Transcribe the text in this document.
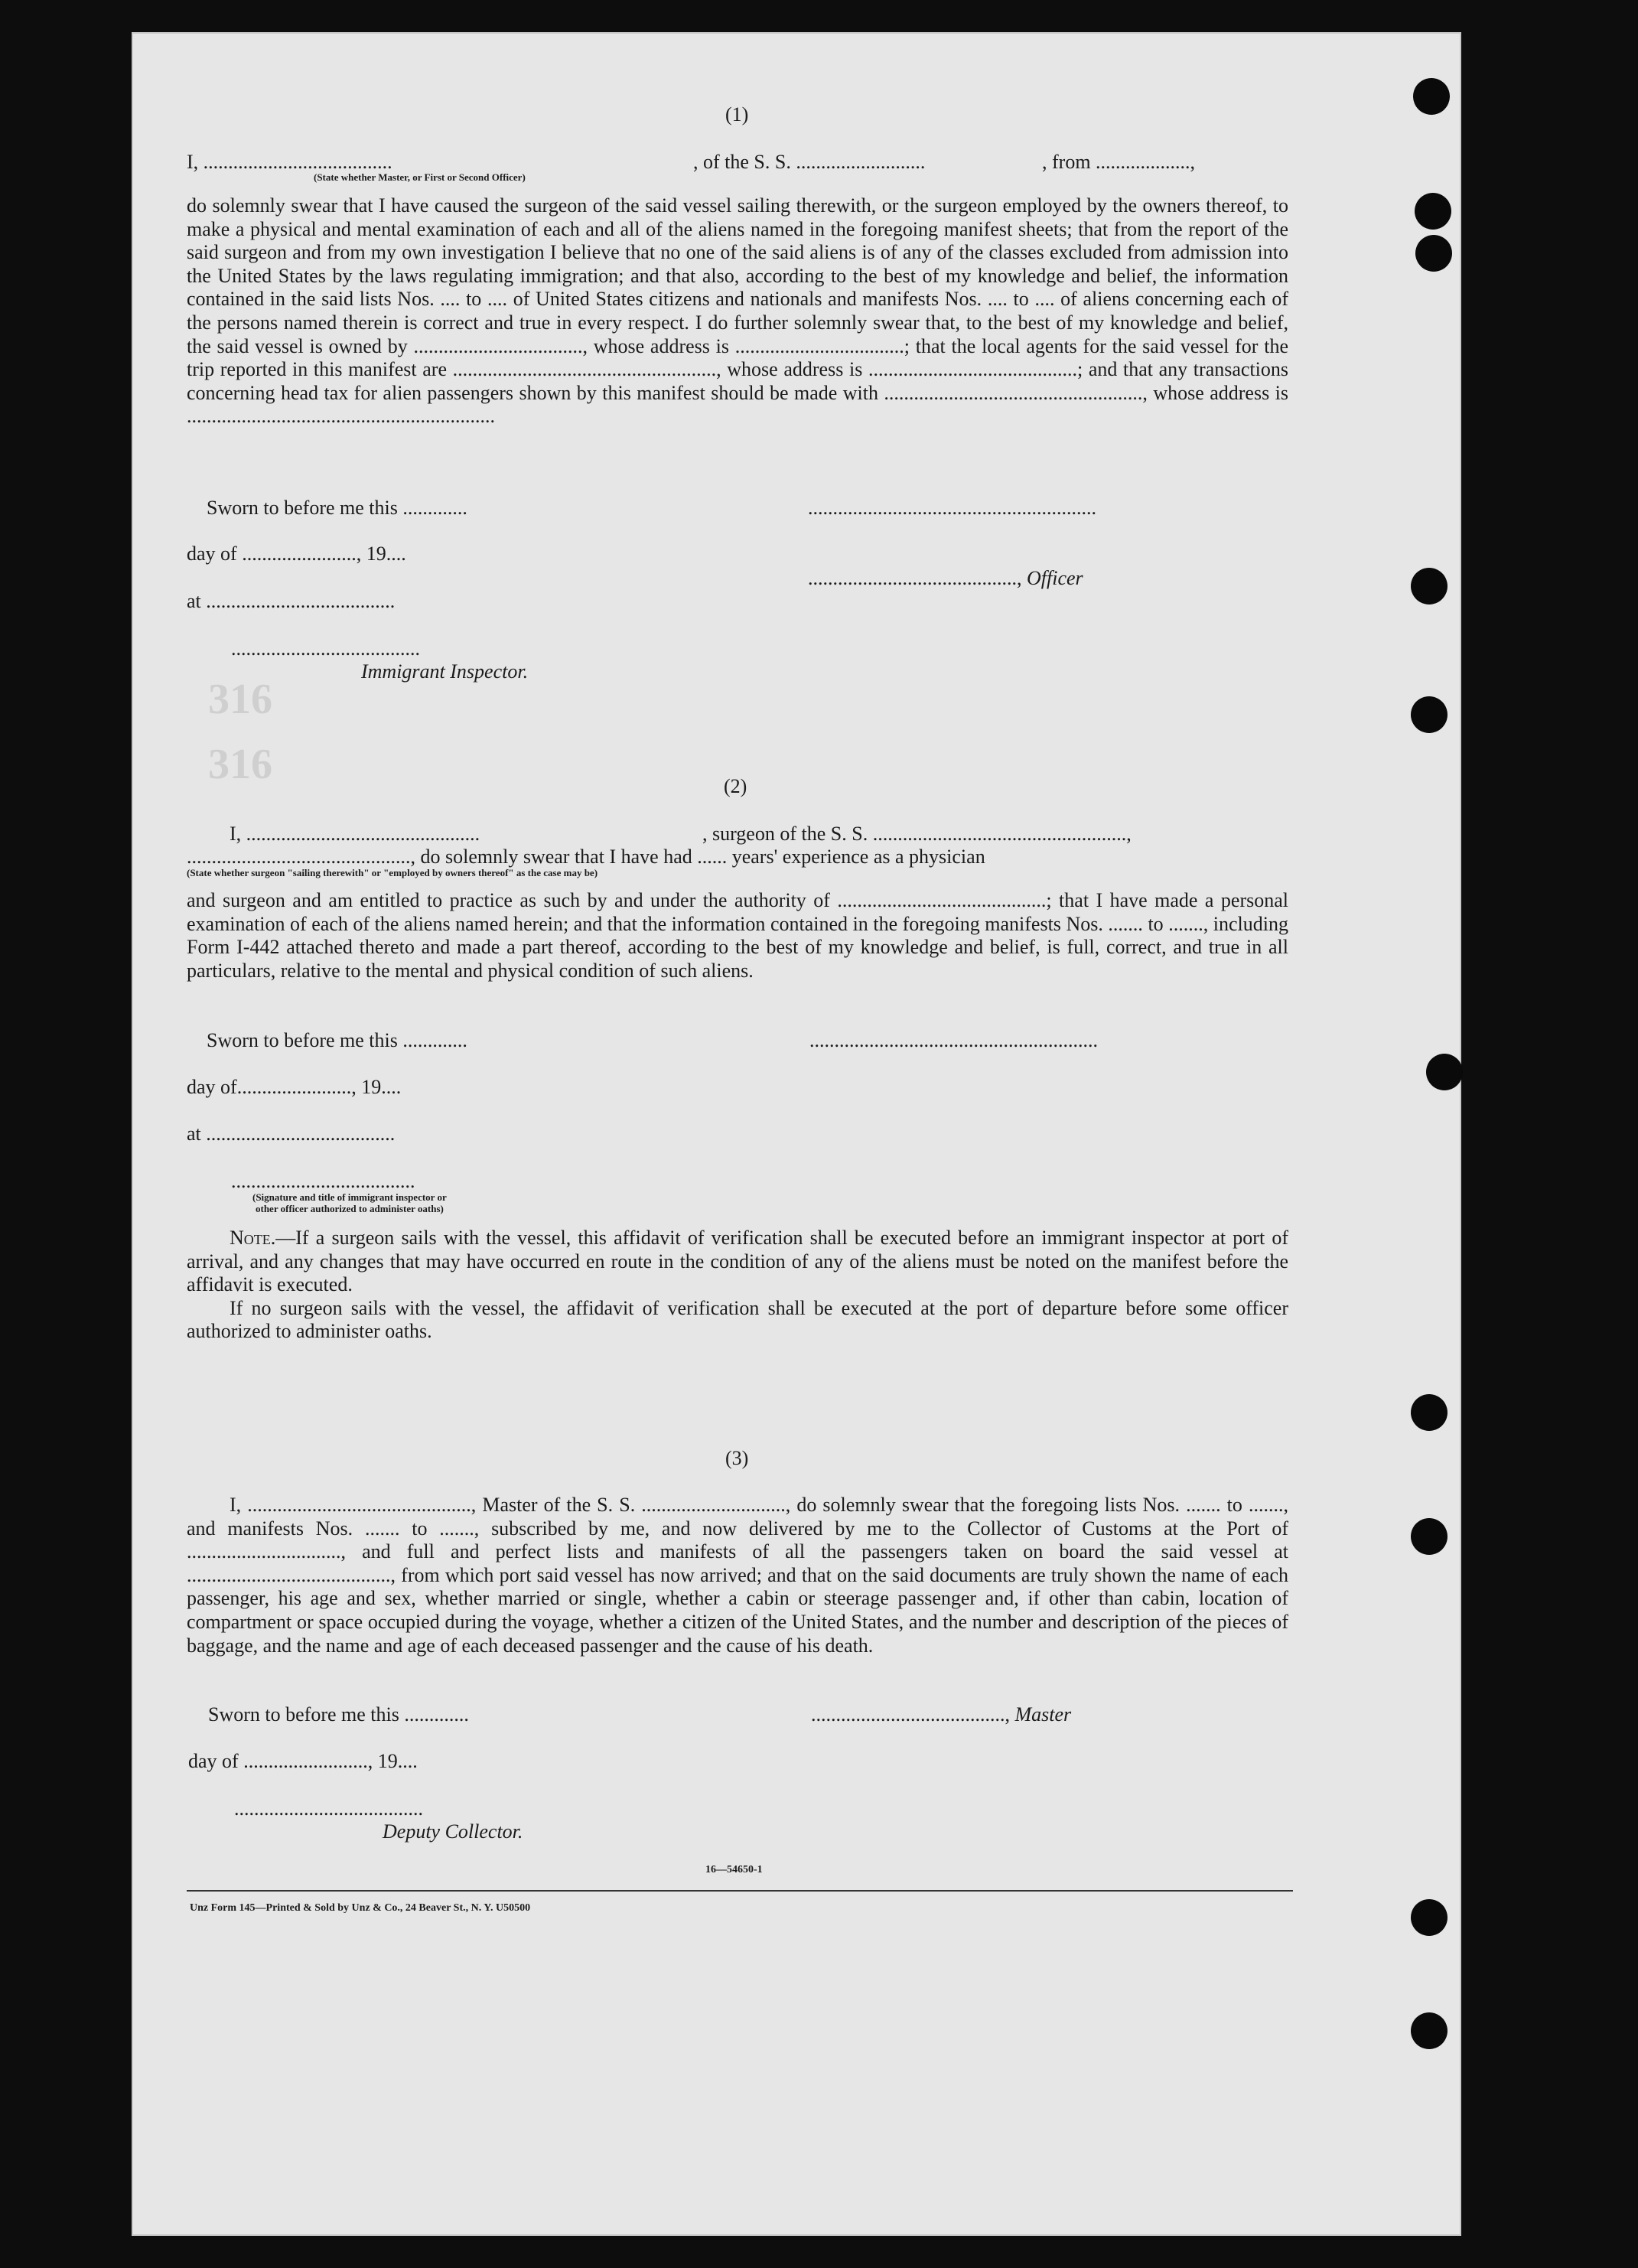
316
316
(1)
I, ......................................	, of the S. S. ..........................	, from ...................,
(State whether Master, or First or Second Officer)

do solemnly swear that I have caused the surgeon of the said vessel sailing therewith, or the surgeon employed by the owners thereof, to make a physical and mental examination of each and all of the aliens named in the foregoing manifest sheets; that from the report of the said surgeon and from my own investigation I believe that no one of the said aliens is of any of the classes excluded from admission into the United States by the laws regulating immigration; and that also, according to the best of my knowledge and belief, the information contained in the said lists Nos. .... to .... of United States citizens and nationals and manifests Nos. .... to .... of aliens concerning each of the persons named therein is correct and true in every respect. I do further solemnly swear that, to the best of my knowledge and belief, the said vessel is owned by .................................., whose address is ..................................; that the local agents for the said vessel for the trip reported in this manifest are ....................................................., whose address is ..........................................; and that any transactions concerning head tax for alien passengers shown by this manifest should be made with ...................................................., whose address is ..............................................................

Sworn to before me this .............	..........................................................
day of ......................., 19....
.........................................., Officer
at ......................................
......................................
Immigrant Inspector.
(2)
I, ...............................................	, surgeon of the S. S. ...................................................,
............................................., do solemnly swear that I have had ...... years' experience as a physician
(State whether surgeon "sailing therewith" or "employed by owners thereof" as the case may be)

and surgeon and am entitled to practice as such by and under the authority of ..........................................; that I have made a personal examination of each of the aliens named herein; and that the information contained in the foregoing manifests Nos. ....... to ......., including Form I-442 attached thereto and made a part thereof, according to the best of my knowledge and belief, is full, correct, and true in all particulars, relative to the mental and physical condition of such aliens.

Sworn to before me this .............	..........................................................
day of......................., 19....
at ......................................
.....................................
(Signature and title of immigrant inspector or
other officer authorized to administer oaths)

Note.—If a surgeon sails with the vessel, this affidavit of verification shall be executed before an immigrant inspector at port of arrival, and any changes that may have occurred en route in the condition of any of the aliens must be noted on the manifest before the affidavit is executed.

If no surgeon sails with the vessel, the affidavit of verification shall be executed at the port of departure before some officer authorized to administer oaths.

(3)

I, ............................................., Master of the S. S. ............................., do solemnly swear that the foregoing lists Nos. ....... to ......., and manifests Nos. ....... to ......., subscribed by me, and now delivered by me to the Collector of Customs at the Port of ..............................., and full and perfect lists and manifests of all the passengers taken on board the said vessel at ........................................., from which port said vessel has now arrived; and that on the said documents are truly shown the name of each passenger, his age and sex, whether married or single, whether a cabin or steerage passenger and, if other than cabin, location of compartment or space occupied during the voyage, whether a citizen of the United States, and the number and description of the pieces of baggage, and the name and age of each deceased passenger and the cause of his death.

Sworn to before me this .............	......................................., Master
day of ........................., 19....
......................................
Deputy Collector.
16—54650-1
Unz Form 145—Printed & Sold by Unz & Co., 24 Beaver St., N. Y. U50500
